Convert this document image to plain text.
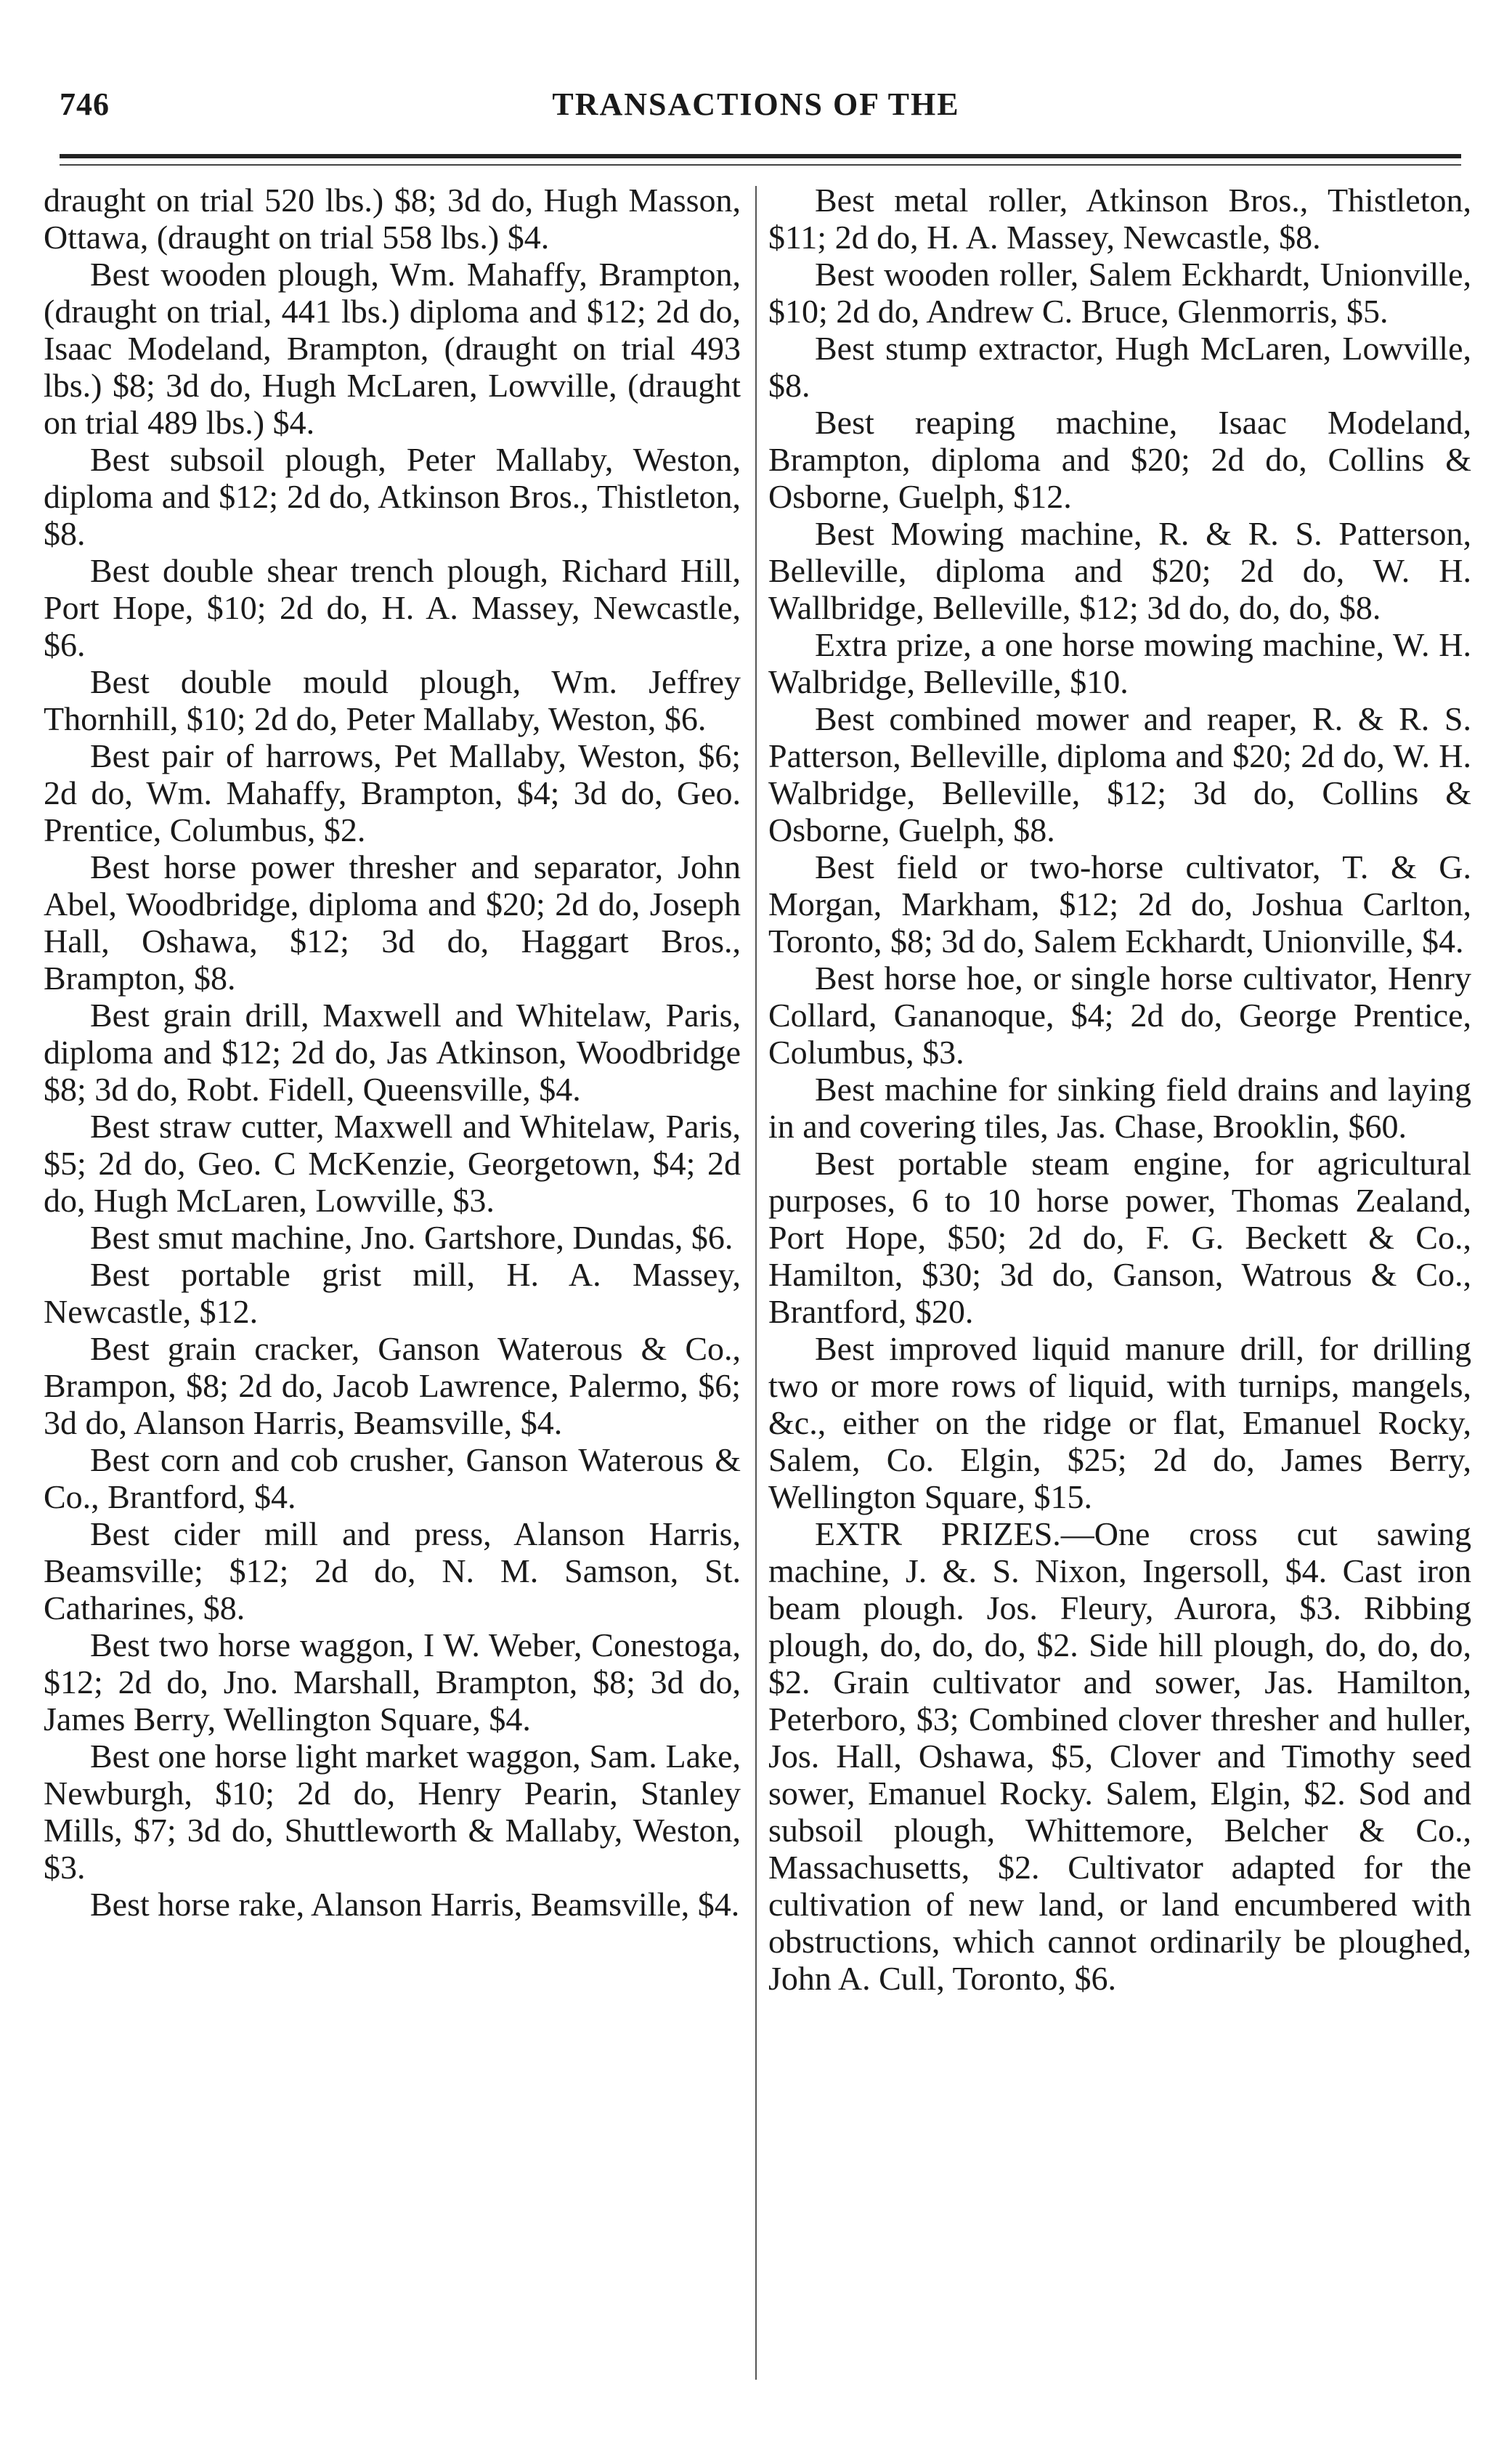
746	TRANSACTIONS OF THE

draught on trial 520 lbs.) $8; 3d do, Hugh Masson, Ottawa, (draught on trial 558 lbs.) $4.

Best wooden plough, Wm. Mahaffy, Brampton, (draught on trial, 441 lbs.) diploma and $12; 2d do, Isaac Modeland, Brampton, (draught on trial 493 lbs.) $8; 3d do, Hugh McLaren, Lowville, (draught on trial 489 lbs.) $4.

Best subsoil plough, Peter Mallaby, Weston, diploma and $12; 2d do, Atkinson Bros., Thistleton, $8.

Best double shear trench plough, Richard Hill, Port Hope, $10; 2d do, H. A. Massey, Newcastle, $6.

Best double mould plough, Wm. Jeffrey Thornhill, $10; 2d do, Peter Mallaby, Weston, $6.

Best pair of harrows, Pet Mallaby, Weston, $6; 2d do, Wm. Mahaffy, Brampton, $4; 3d do, Geo. Prentice, Columbus, $2.

Best horse power thresher and separator, John Abel, Woodbridge, diploma and $20; 2d do, Joseph Hall, Oshawa, $12; 3d do, Haggart Bros., Brampton, $8.

Best grain drill, Maxwell and Whitelaw, Paris, diploma and $12; 2d do, Jas Atkinson, Woodbridge $8; 3d do, Robt. Fidell, Queensville, $4.

Best straw cutter, Maxwell and Whitelaw, Paris, $5; 2d do, Geo. C McKenzie, Georgetown, $4; 2d do, Hugh McLaren, Lowville, $3.

Best smut machine, Jno. Gartshore, Dundas, $6.

Best portable grist mill, H. A. Massey, Newcastle, $12.

Best grain cracker, Ganson Waterous & Co., Brampon, $8; 2d do, Jacob Lawrence, Palermo, $6; 3d do, Alanson Harris, Beamsville, $4.

Best corn and cob crusher, Ganson Waterous & Co., Brantford, $4.

Best cider mill and press, Alanson Harris, Beamsville; $12; 2d do, N. M. Samson, St. Catharines, $8.

Best two horse waggon, I W. Weber, Conestoga, $12; 2d do, Jno. Marshall, Brampton, $8; 3d do, James Berry, Wellington Square, $4.

Best one horse light market waggon, Sam. Lake, Newburgh, $10; 2d do, Henry Pearin, Stanley Mills, $7; 3d do, Shuttleworth & Mallaby, Weston, $3.

Best horse rake, Alanson Harris, Beamsville, $4.

Best metal roller, Atkinson Bros., Thistleton, $11; 2d do, H. A. Massey, Newcastle, $8.

Best wooden roller, Salem Eckhardt, Unionville, $10; 2d do, Andrew C. Bruce, Glenmorris, $5.

Best stump extractor, Hugh McLaren, Lowville, $8.

Best reaping machine, Isaac Modeland, Brampton, diploma and $20; 2d do, Collins & Osborne, Guelph, $12.

Best Mowing machine, R. & R. S. Patterson, Belleville, diploma and $20; 2d do, W. H. Wallbridge, Belleville, $12; 3d do, do, do, $8.

Extra prize, a one horse mowing machine, W. H. Walbridge, Belleville, $10.

Best combined mower and reaper, R. & R. S. Patterson, Belleville, diploma and $20; 2d do, W. H. Walbridge, Belleville, $12; 3d do, Collins & Osborne, Guelph, $8.

Best field or two-horse cultivator, T. & G. Morgan, Markham, $12; 2d do, Joshua Carlton, Toronto, $8; 3d do, Salem Eckhardt, Unionville, $4.

Best horse hoe, or single horse cultivator, Henry Collard, Gananoque, $4; 2d do, George Prentice, Columbus, $3.

Best machine for sinking field drains and laying in and covering tiles, Jas. Chase, Brooklin, $60.

Best portable steam engine, for agricultural purposes, 6 to 10 horse power, Thomas Zealand, Port Hope, $50; 2d do, F. G. Beckett & Co., Hamilton, $30; 3d do, Ganson, Watrous & Co., Brantford, $20.

Best improved liquid manure drill, for drilling two or more rows of liquid, with turnips, mangels, &c., either on the ridge or flat, Emanuel Rocky, Salem, Co. Elgin, $25; 2d do, James Berry, Wellington Square, $15.

EXTR PRIZES.—One cross cut sawing machine, J. &. S. Nixon, Ingersoll, $4. Cast iron beam plough. Jos. Fleury, Aurora, $3. Ribbing plough, do, do, do, $2. Side hill plough, do, do, do, $2. Grain cultivator and sower, Jas. Hamilton, Peterboro, $3; Combined clover thresher and huller, Jos. Hall, Oshawa, $5, Clover and Timothy seed sower, Emanuel Rocky. Salem, Elgin, $2. Sod and subsoil plough, Whittemore, Belcher & Co., Massachusetts, $2. Cultivator adapted for the cultivation of new land, or land encumbered with obstructions, which cannot ordinarily be ploughed, John A. Cull, Toronto, $6.
